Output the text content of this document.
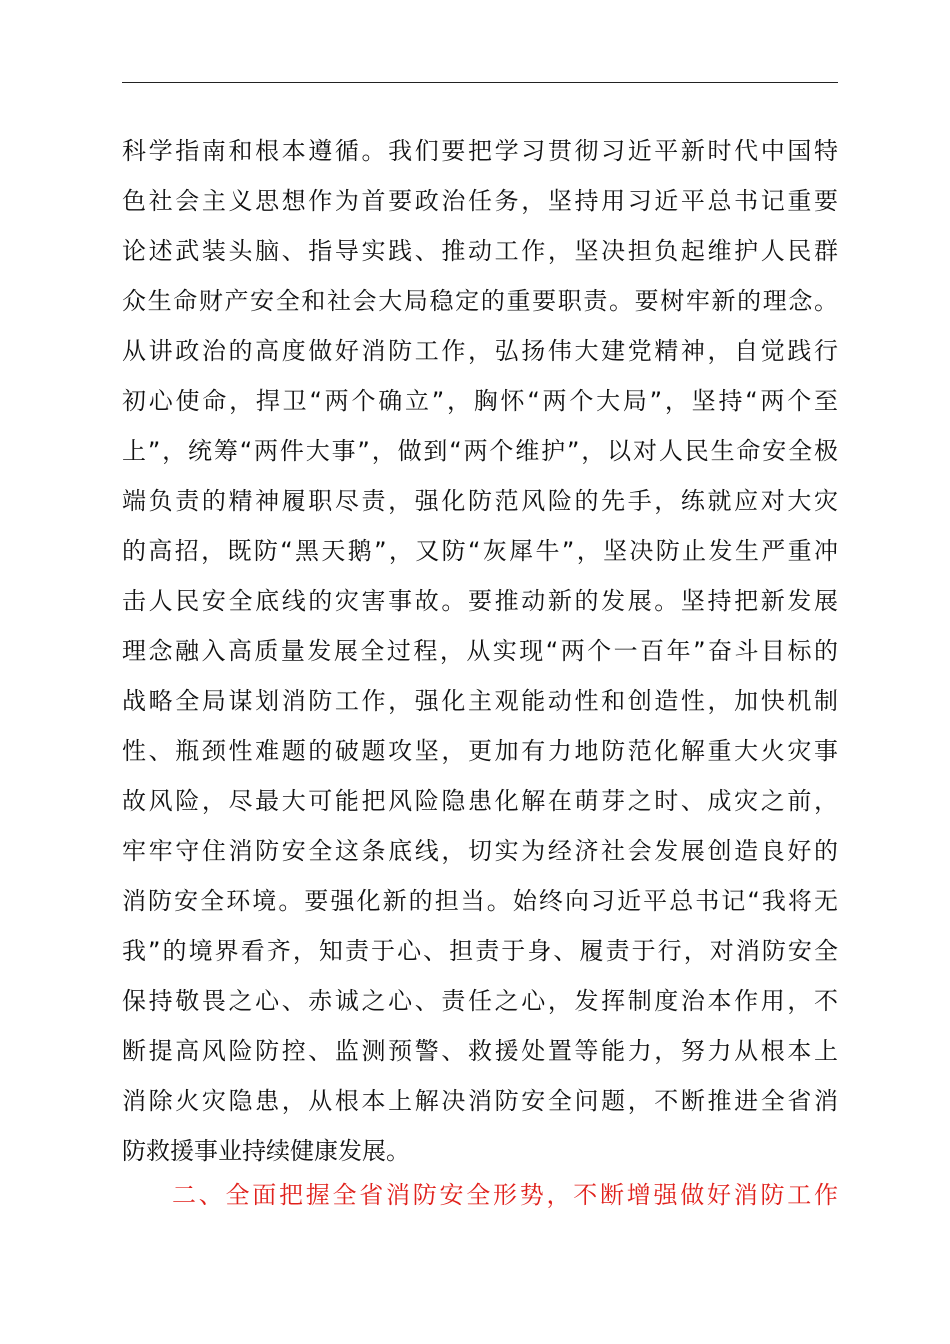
科学指南和根本遵循。我们要把学习贯彻习近平新时代中国特
色社会主义思想作为首要政治任务，坚持用习近平总书记重要
论述武装头脑、指导实践、推动工作，坚决担负起维护人民群
众生命财产安全和社会大局稳定的重要职责。要树牢新的理念。
从讲政治的高度做好消防工作，弘扬伟大建党精神，自觉践行
初心使命，捍卫“两个确立”，胸怀“两个大局”，坚持“两个至
上”，统筹“两件大事”，做到“两个维护”，以对人民生命安全极
端负责的精神履职尽责，强化防范风险的先手，练就应对大灾
的高招，既防“黑天鹅”，又防“灰犀牛”，坚决防止发生严重冲
击人民安全底线的灾害事故。要推动新的发展。坚持把新发展
理念融入高质量发展全过程，从实现“两个一百年”奋斗目标的
战略全局谋划消防工作，强化主观能动性和创造性，加快机制
性、瓶颈性难题的破题攻坚，更加有力地防范化解重大火灾事
故风险，尽最大可能把风险隐患化解在萌芽之时、成灾之前，
牢牢守住消防安全这条底线，切实为经济社会发展创造良好的
消防安全环境。要强化新的担当。始终向习近平总书记“我将无
我”的境界看齐，知责于心、担责于身、履责于行，对消防安全
保持敬畏之心、赤诚之心、责任之心，发挥制度治本作用，不
断提高风险防控、监测预警、救援处置等能力，努力从根本上
消除火灾隐患，从根本上解决消防安全问题，不断推进全省消
防救援事业持续健康发展。
二、全面把握全省消防安全形势，不断增强做好消防工作
